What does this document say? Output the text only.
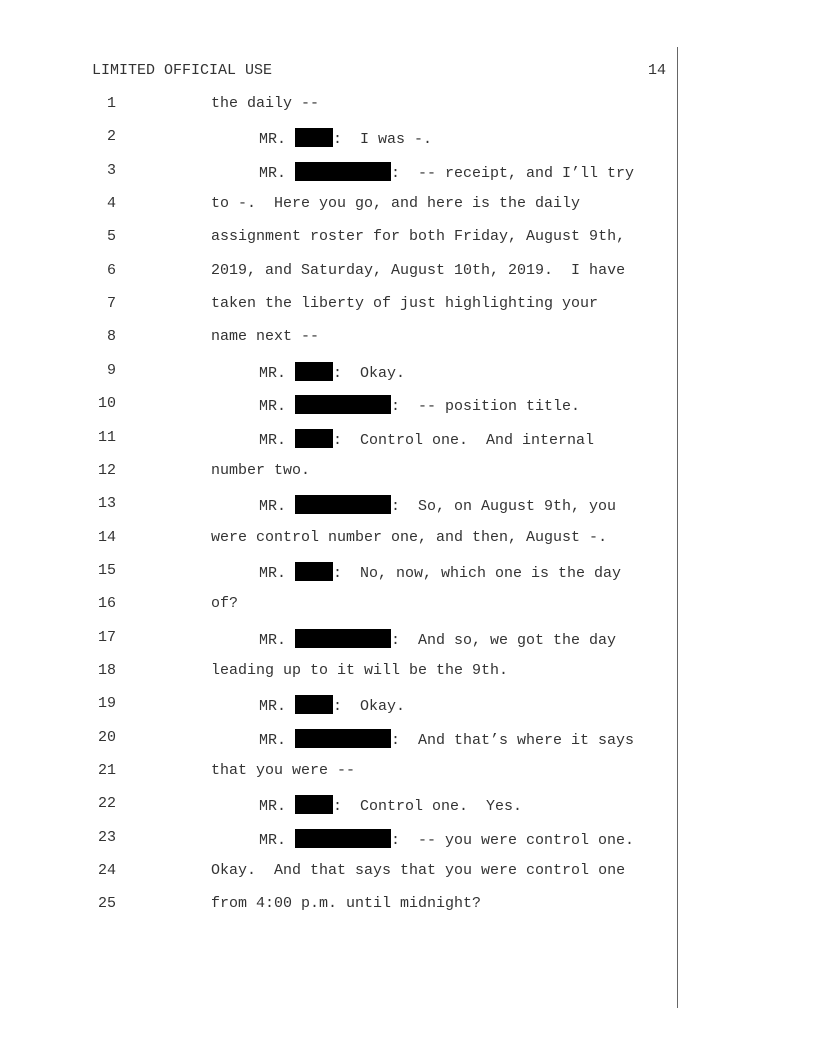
LIMITED OFFICIAL USE	14
1	the daily --
2	MR.	:  I was -.
3	MR.	:  -- receipt, and I’ll try
4	to -.  Here you go, and here is the daily
5	assignment roster for both Friday, August 9th,
6	2019, and Saturday, August 10th, 2019.  I have
7	taken the liberty of just highlighting your
8	name next --
9	MR.	:  Okay.
10	MR.	:  -- position title.
11	MR.	:  Control one.  And internal
12	number two.
13	MR.	:  So, on August 9th, you
14	were control number one, and then, August -.
15	MR.	:  No, now, which one is the day
16	of?
17	MR.	:  And so, we got the day
18	leading up to it will be the 9th.
19	MR.	:  Okay.
20	MR.	:  And that’s where it says
21	that you were --
22	MR.	:  Control one.  Yes.
23	MR.	:  -- you were control one.
24	Okay.  And that says that you were control one
25	from 4:00 p.m. until midnight?
